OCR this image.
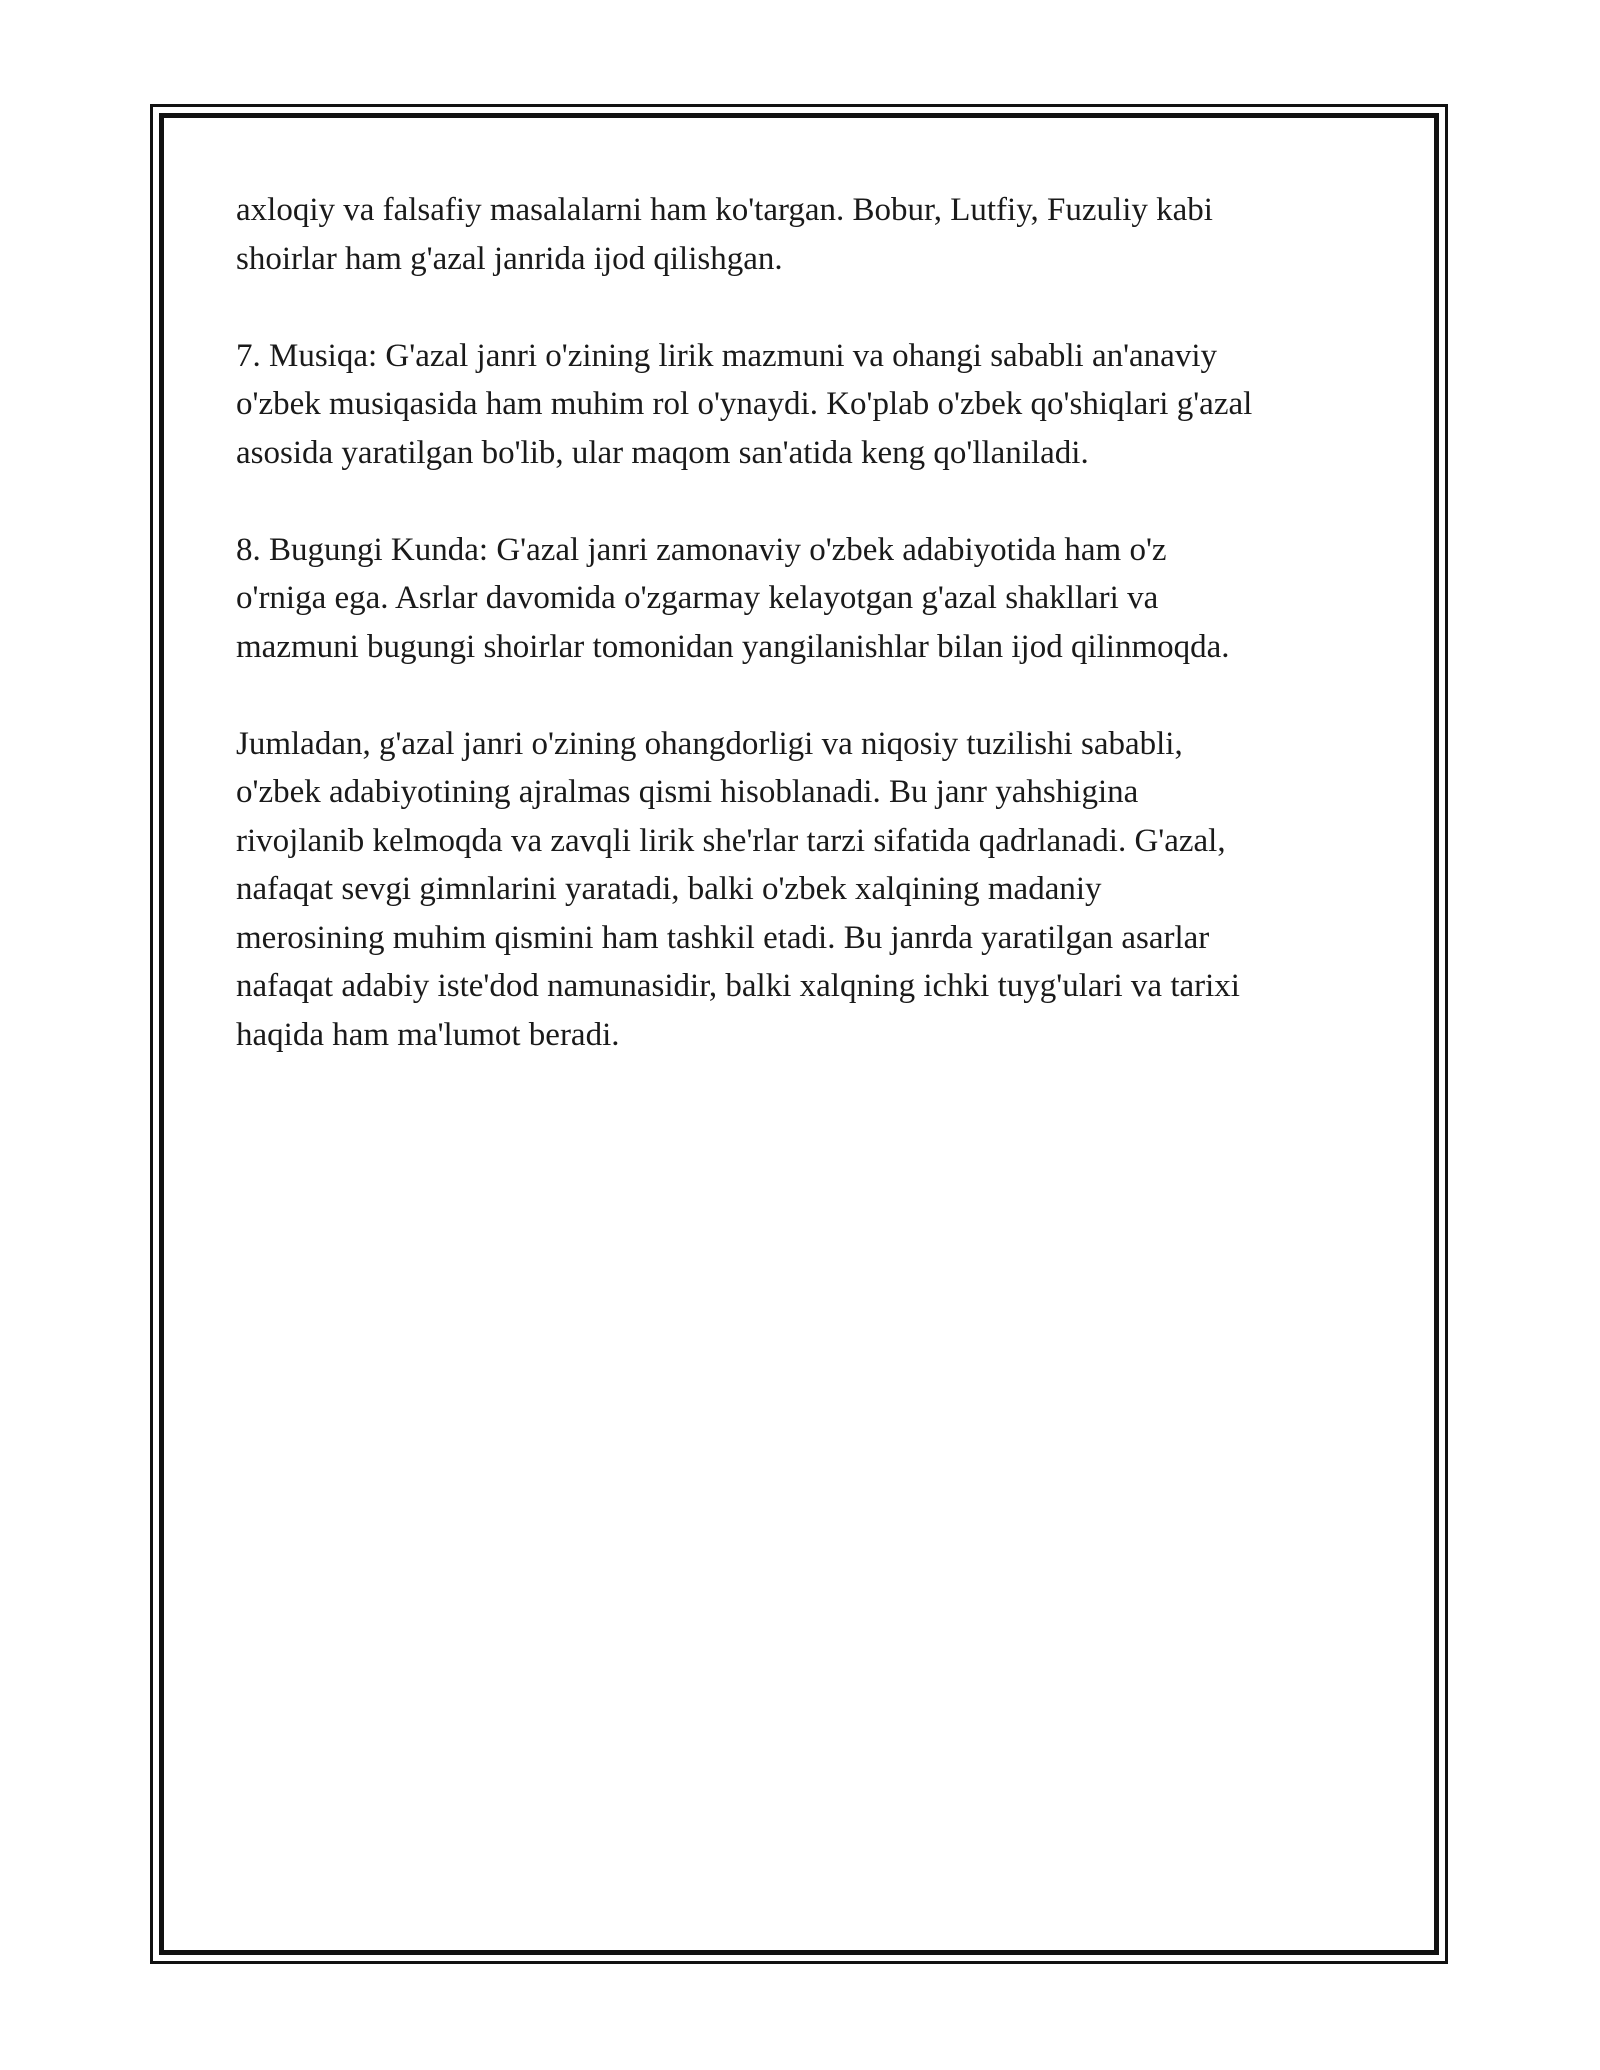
axloqiy va falsafiy masalalarni ham ko'targan. Bobur, Lutfiy, Fuzuliy kabi
shoirlar ham g'azal janrida ijod qilishgan.

7. Musiqa: G'azal janri o'zining lirik mazmuni va ohangi sababli an'anaviy
o'zbek musiqasida ham muhim rol o'ynaydi. Ko'plab o'zbek qo'shiqlari g'azal
asosida yaratilgan bo'lib, ular maqom san'atida keng qo'llaniladi.

8. Bugungi Kunda: G'azal janri zamonaviy o'zbek adabiyotida ham o'z
o'rniga ega. Asrlar davomida o'zgarmay kelayotgan g'azal shakllari va
mazmuni bugungi shoirlar tomonidan yangilanishlar bilan ijod qilinmoqda.

Jumladan, g'azal janri o'zining ohangdorligi va niqosiy tuzilishi sababli,
o'zbek adabiyotining ajralmas qismi hisoblanadi. Bu janr yahshigina
rivojlanib kelmoqda va zavqli lirik she'rlar tarzi sifatida qadrlanadi. G'azal,
nafaqat sevgi gimnlarini yaratadi, balki o'zbek xalqining madaniy
merosining muhim qismini ham tashkil etadi. Bu janrda yaratilgan asarlar
nafaqat adabiy iste'dod namunasidir, balki xalqning ichki tuyg'ulari va tarixi
haqida ham ma'lumot beradi.
